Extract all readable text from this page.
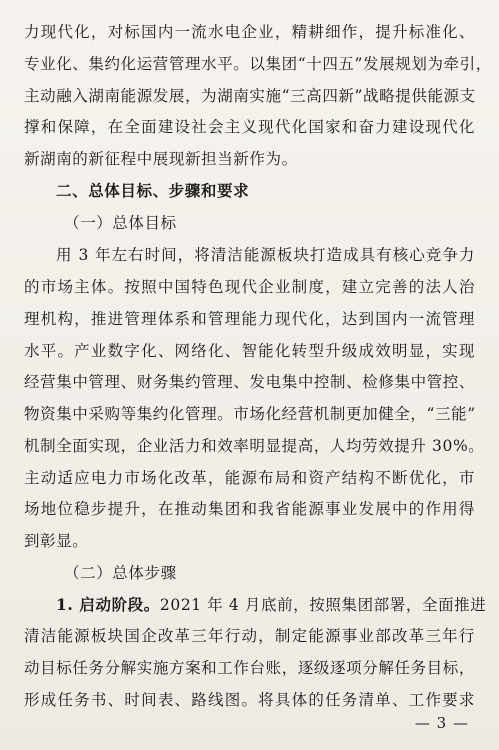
力现代化，对标国内一流水电企业，精耕细作，提升标准化、
专业化、集约化运营管理水平。以集团“十四五”发展规划为牵引，
主动融入湖南能源发展，为湖南实施“三高四新”战略提供能源支
撑和保障，在全面建设社会主义现代化国家和奋力建设现代化
新湖南的新征程中展现新担当新作为。
二、总体目标、步骤和要求
（一）总体目标
用 3 年左右时间，将清洁能源板块打造成具有核心竞争力
的市场主体。按照中国特色现代企业制度，建立完善的法人治
理机构，推进管理体系和管理能力现代化，达到国内一流管理
水平。产业数字化、网络化、智能化转型升级成效明显，实现
经营集中管理、财务集约管理、发电集中控制、检修集中管控、
物资集中采购等集约化管理。市场化经营机制更加健全，“三能”
机制全面实现，企业活力和效率明显提高，人均劳效提升 30%。
主动适应电力市场化改革，能源布局和资产结构不断优化，市
场地位稳步提升，在推动集团和我省能源事业发展中的作用得
到彰显。
（二）总体步骤
1. 启动阶段。 2021 年 4 月底前，按照集团部署，全面推进
清洁能源板块国企改革三年行动，制定能源事业部改革三年行
动目标任务分解实施方案和工作台账，逐级逐项分解任务目标，
形成任务书、时间表、路线图。将具体的任务清单、工作要求
— 3 —
